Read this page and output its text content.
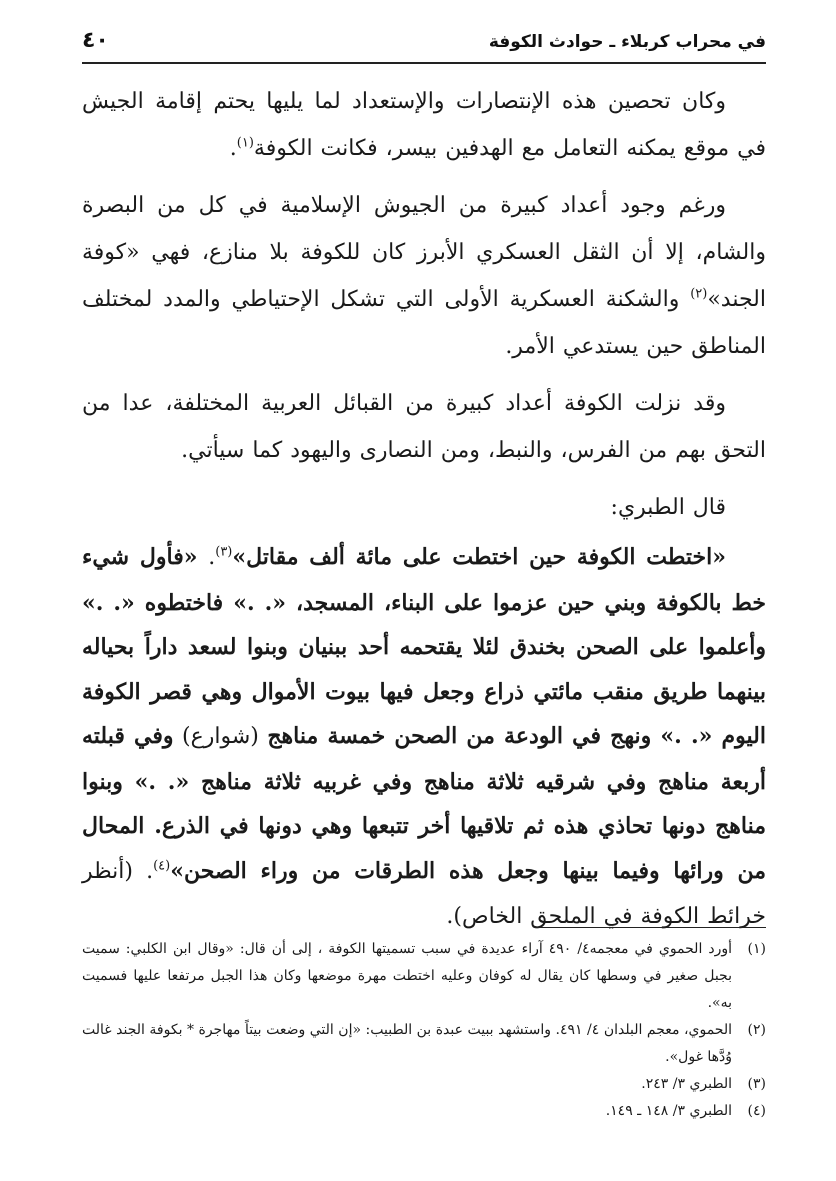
في محراب كربلاء ـ حوادث الكوفة
٤٠

وكان تحصين هذه الإنتصارات والإستعداد لما يليها يحتم إقامة الجيش في موقع يمكنه التعامل مع الهدفين بيسر، فكانت الكوفة$^{(١)}$.

ورغم وجود أعداد كبيرة من الجيوش الإسلامية في كل من البصرة والشام، إلا أن الثقل العسكري الأبرز كان للكوفة بلا منازع، فهي «كوفة الجند»$^{(٢)}$ والشكنة العسكرية الأولى التي تشكل الإحتياطي والمدد لمختلف المناطق حين يستدعي الأمر.

وقد نزلت الكوفة أعداد كبيرة من القبائل العربية المختلفة، عدا من التحق بهم من الفرس، والنبط، ومن النصارى واليهود كما سيأتي.

قال الطبري:

«اختطت الكوفة حين اختطت على مائة ألف مقاتل»$^{(٣)}$. «فأول شيء خط بالكوفة وبني حين عزموا على البناء، المسجد، «. .» فاختطوه «. .» وأعلموا على الصحن بخندق لئلا يقتحمه أحد ببنيان وبنوا لسعد داراً بحياله بينهما طريق منقب مائتي ذراع وجعل فيها بيوت الأموال وهي قصر الكوفة اليوم «. .» ونهج في الودعة من الصحن خمسة مناهج (شوارع) وفي قبلته أربعة مناهج وفي شرقيه ثلاثة مناهج وفي غربيه ثلاثة مناهج «. .» وبنوا مناهج دونها تحاذي هذه ثم تلاقيها أخر تتبعها وهي دونها في الذرع. المحال من ورائها وفيما بينها وجعل هذه الطرقات من وراء الصحن»$^{(٤)}$. (أنظر خرائط الكوفة في الملحق الخاص).

(١)
أورد الحموي في معجمه٤/ ٤٩٠ آراء عديدة في سبب تسميتها الكوفة ، إلى أن قال: «وقال ابن الكلبي: سميت بجبل صغير في وسطها كان يقال له كوفان وعليه اختطت مهرة موضعها وكان هذا الجبل مرتفعا عليها فسميت به».
(٢)
الحموي، معجم البلدان ٤/ ٤٩١. واستشهد ببيت عبدة بن الطبيب: «إن التي وضعت بيتاً مهاجرة * بكوفة الجند غالت وُدَّها غول».
(٣)
الطبري ٣/ ٢٤٣.
(٤)
الطبري ٣/ ١٤٨ ـ ١٤٩.
